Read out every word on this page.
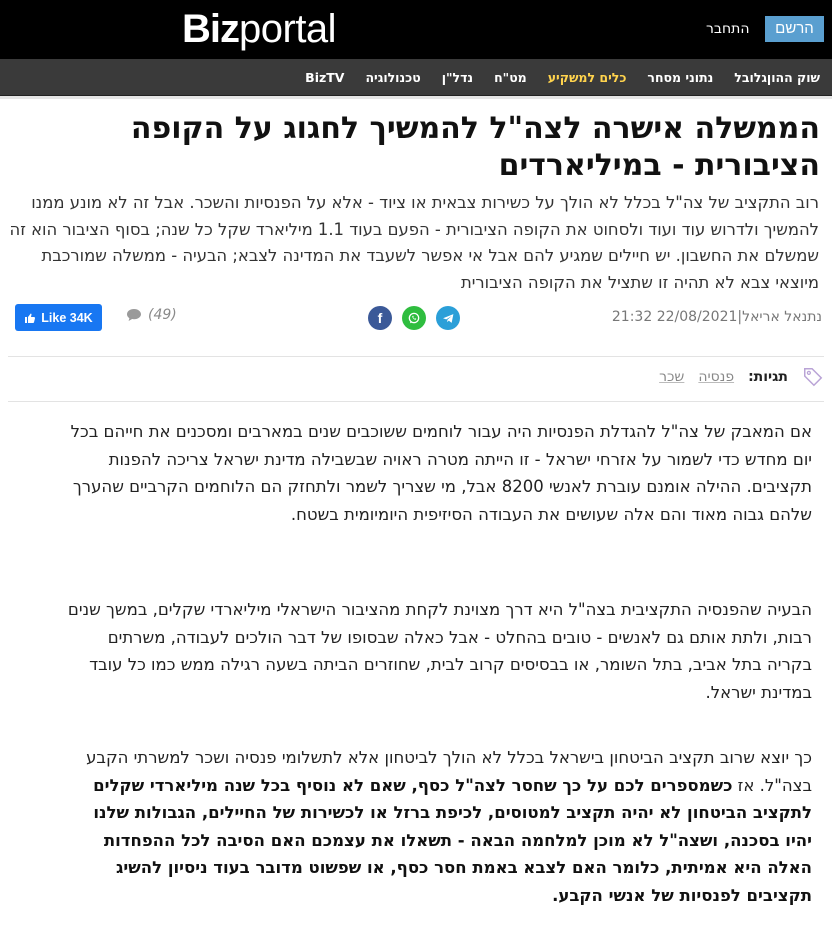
Bizportal	התחבר	הרשם
שוק ההון
גלובל
נתוני מסחר
כלים למשקיע
מט"ח
נדל"ן
טכנולוגיה
BizTV
הממשלה אישרה לצה"ל להמשיך לחגוג על הקופה הציבורית - במיליארדים

רוב התקציב של צה"ל בכלל לא הולך על כשירות צבאית או ציוד - אלא על הפנסיות והשכר. אבל זה לא מונע ממנו להמשיך ולדרוש עוד ועוד ולסחוט את הקופה הציבורית - הפעם בעוד 1.1 מיליארד שקל כל שנה; בסוף הציבור הוא זה שמשלם את החשבון. יש חיילים שמגיע להם אבל אי אפשר לשעבד את המדינה לצבא; הבעיה - ממשלה שמורכבת מיוצאי צבא לא תהיה זו שתציל את הקופה הציבורית

נתנאל אריאל|22/08/2021 21:32
f
(49)
Like 34K
תגיות:
פנסיה
שכר

אם המאבק של צה"ל להגדלת הפנסיות היה עבור לוחמים ששוכבים שנים במארבים ומסכנים את חייהם בכל יום מחדש כדי לשמור על אזרחי ישראל - זו הייתה מטרה ראויה שבשבילה מדינת ישראל צריכה להפנות תקציבים. ההילה אומנם עוברת לאנשי 8200 אבל, מי שצריך לשמר ולתחזק הם הלוחמים הקרביים שהערך שלהם גבוה מאוד והם אלה שעושים את העבודה הסיזיפית היומיומית בשטח.

הבעיה שהפנסיה התקציבית בצה"ל היא דרך מצוינת לקחת מהציבור הישראלי מיליארדי שקלים, במשך שנים רבות, ולתת אותם גם לאנשים - טובים בהחלט - אבל כאלה שבסופו של דבר הולכים לעבודה, משרתים בקריה בתל אביב, בתל השומר, או בבסיסים קרוב לבית, שחוזרים הביתה בשעה רגילה ממש כמו כל עובד במדינת ישראל.

כך יוצא שרוב תקציב הביטחון בישראל בכלל לא הולך לביטחון אלא לתשלומי פנסיה ושכר למשרתי הקבע בצה"ל. אז כשמספרים לכם על כך שחסר לצה"ל כסף, שאם לא נוסיף בכל שנה מיליארדי שקלים לתקציב הביטחון לא יהיה תקציב למטוסים, לכיפת ברזל או לכשירות של החיילים, הגבולות שלנו יהיו בסכנה, ושצה"ל לא מוכן למלחמה הבאה - תשאלו את עצמכם האם הסיבה לכל ההפחדות האלה היא אמיתית, כלומר האם לצבא באמת חסר כסף, או שפשוט מדובר בעוד ניסיון להשיג תקציבים לפנסיות של אנשי הקבע.
